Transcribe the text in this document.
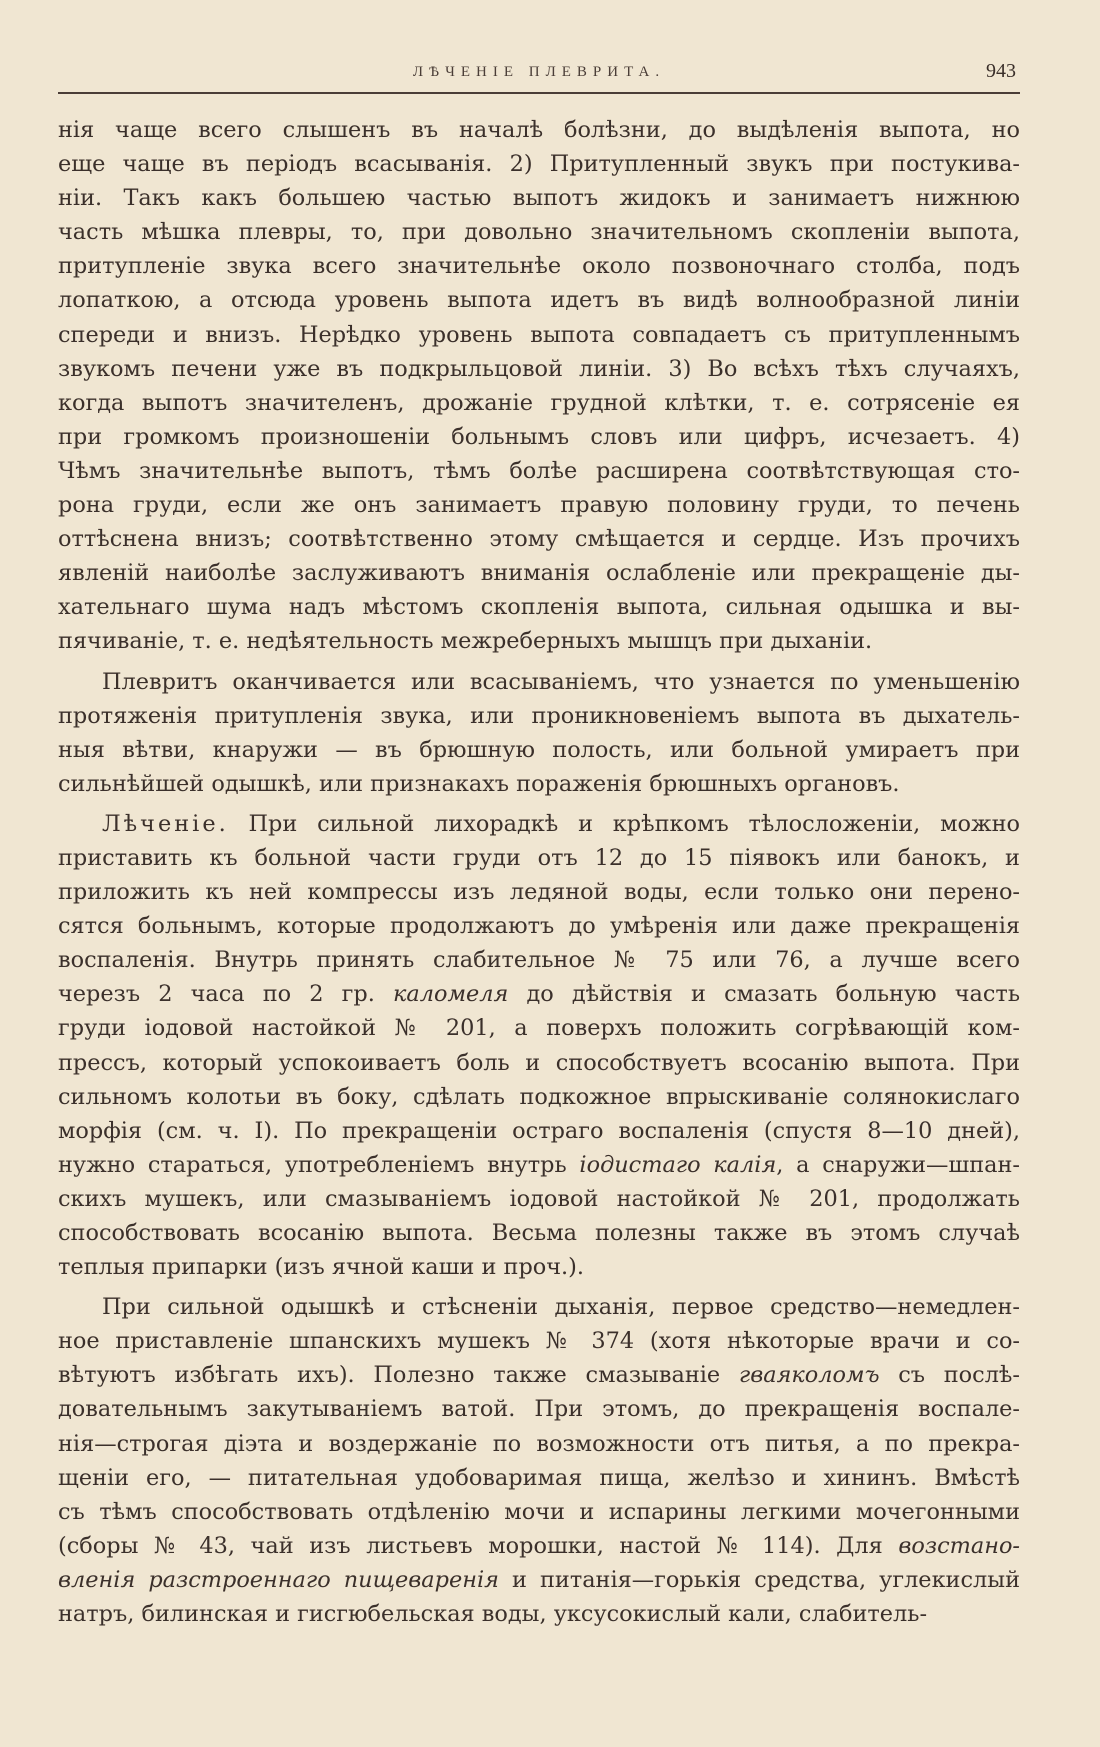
ЛѢЧЕНІЕ ПЛЕВРИТА.	943
нія чаще всего слышенъ въ началѣ болѣзни, до выдѣленія выпота, но
еще чаще въ періодъ всасыванія. 2) Притупленный звукъ при постукива-
ніи. Такъ какъ большею частью выпотъ жидокъ и занимаетъ нижнюю
часть мѣшка плевры, то, при довольно значительномъ скопленіи выпота,
притупленіе звука всего значительнѣе около позвоночнаго столба, подъ
лопаткою, а отсюда уровень выпота идетъ въ видѣ волнообразной линіи
спереди и внизъ. Нерѣдко уровень выпота совпадаетъ съ притупленнымъ
звукомъ печени уже въ подкрыльцовой линіи. 3) Во всѣхъ тѣхъ случаяхъ,
когда выпотъ значителенъ, дрожаніе грудной клѣтки, т. е. сотрясеніе ея
при громкомъ произношеніи больнымъ словъ или цифръ, исчезаетъ. 4)
Чѣмъ значительнѣе выпотъ, тѣмъ болѣе расширена соотвѣтствующая сто-
рона груди, если же онъ занимаетъ правую половину груди, то печень
оттѣснена внизъ; соотвѣтственно этому смѣщается и сердце. Изъ прочихъ
явленій наиболѣе заслуживаютъ вниманія ослабленіе или прекращеніе ды-
хательнаго шума надъ мѣстомъ скопленія выпота, сильная одышка и вы-
пячиваніе, т. е. недѣятельность межреберныхъ мышцъ при дыханіи.
Плевритъ оканчивается или всасываніемъ, что узнается по уменьшенію
протяженія притупленія звука, или проникновеніемъ выпота въ дыхатель-
ныя вѣтви, кнаружи — въ брюшную полость, или больной умираетъ при
сильнѣйшей одышкѣ, или признакахъ пораженія брюшныхъ органовъ.
Лѣченіе. При сильной лихорадкѣ и крѣпкомъ тѣлосложеніи, можно
приставить къ больной части груди отъ 12 до 15 піявокъ или банокъ, и
приложить къ ней компрессы изъ ледяной воды, если только они перено-
сятся больнымъ, которые продолжаютъ до умѣренія или даже прекращенія
воспаленія. Внутрь принять слабительное № 75 или 76, а лучше всего
черезъ 2 часа по 2 гр. каломеля до дѣйствія и смазать больную часть
груди іодовой настойкой № 201, а поверхъ положить согрѣвающій ком-
прессъ, который успокоиваетъ боль и способствуетъ всосанію выпота. При
сильномъ колотьи въ боку, сдѣлать подкожное впрыскиваніе солянокислаго
морфія (см. ч. I). По прекращеніи остраго воспаленія (спустя 8—10 дней),
нужно стараться, употребленіемъ внутрь іодистаго калія, а снаружи—шпан-
скихъ мушекъ, или смазываніемъ іодовой настойкой № 201, продолжать
способствовать всосанію выпота. Весьма полезны также въ этомъ случаѣ
теплыя припарки (изъ ячной каши и проч.).
При сильной одышкѣ и стѣсненіи дыханія, первое средство—немедлен-
ное приставленіе шпанскихъ мушекъ № 374 (хотя нѣкоторые врачи и со-
вѣтуютъ избѣгать ихъ). Полезно также смазываніе гваяколомъ съ послѣ-
довательнымъ закутываніемъ ватой. При этомъ, до прекращенія воспале-
нія—строгая діэта и воздержаніе по возможности отъ питья, а по прекра-
щеніи его, — питательная удобоваримая пища, желѣзо и хининъ. Вмѣстѣ
съ тѣмъ способствовать отдѣленію мочи и испарины легкими мочегонными
(сборы № 43, чай изъ листьевъ морошки, настой № 114). Для возстано-
вленія разстроеннаго пищеваренія и питанія—горькія средства, углекислый
натръ, билинская и гисгюбельская воды, уксусокислый кали, слабитель-
